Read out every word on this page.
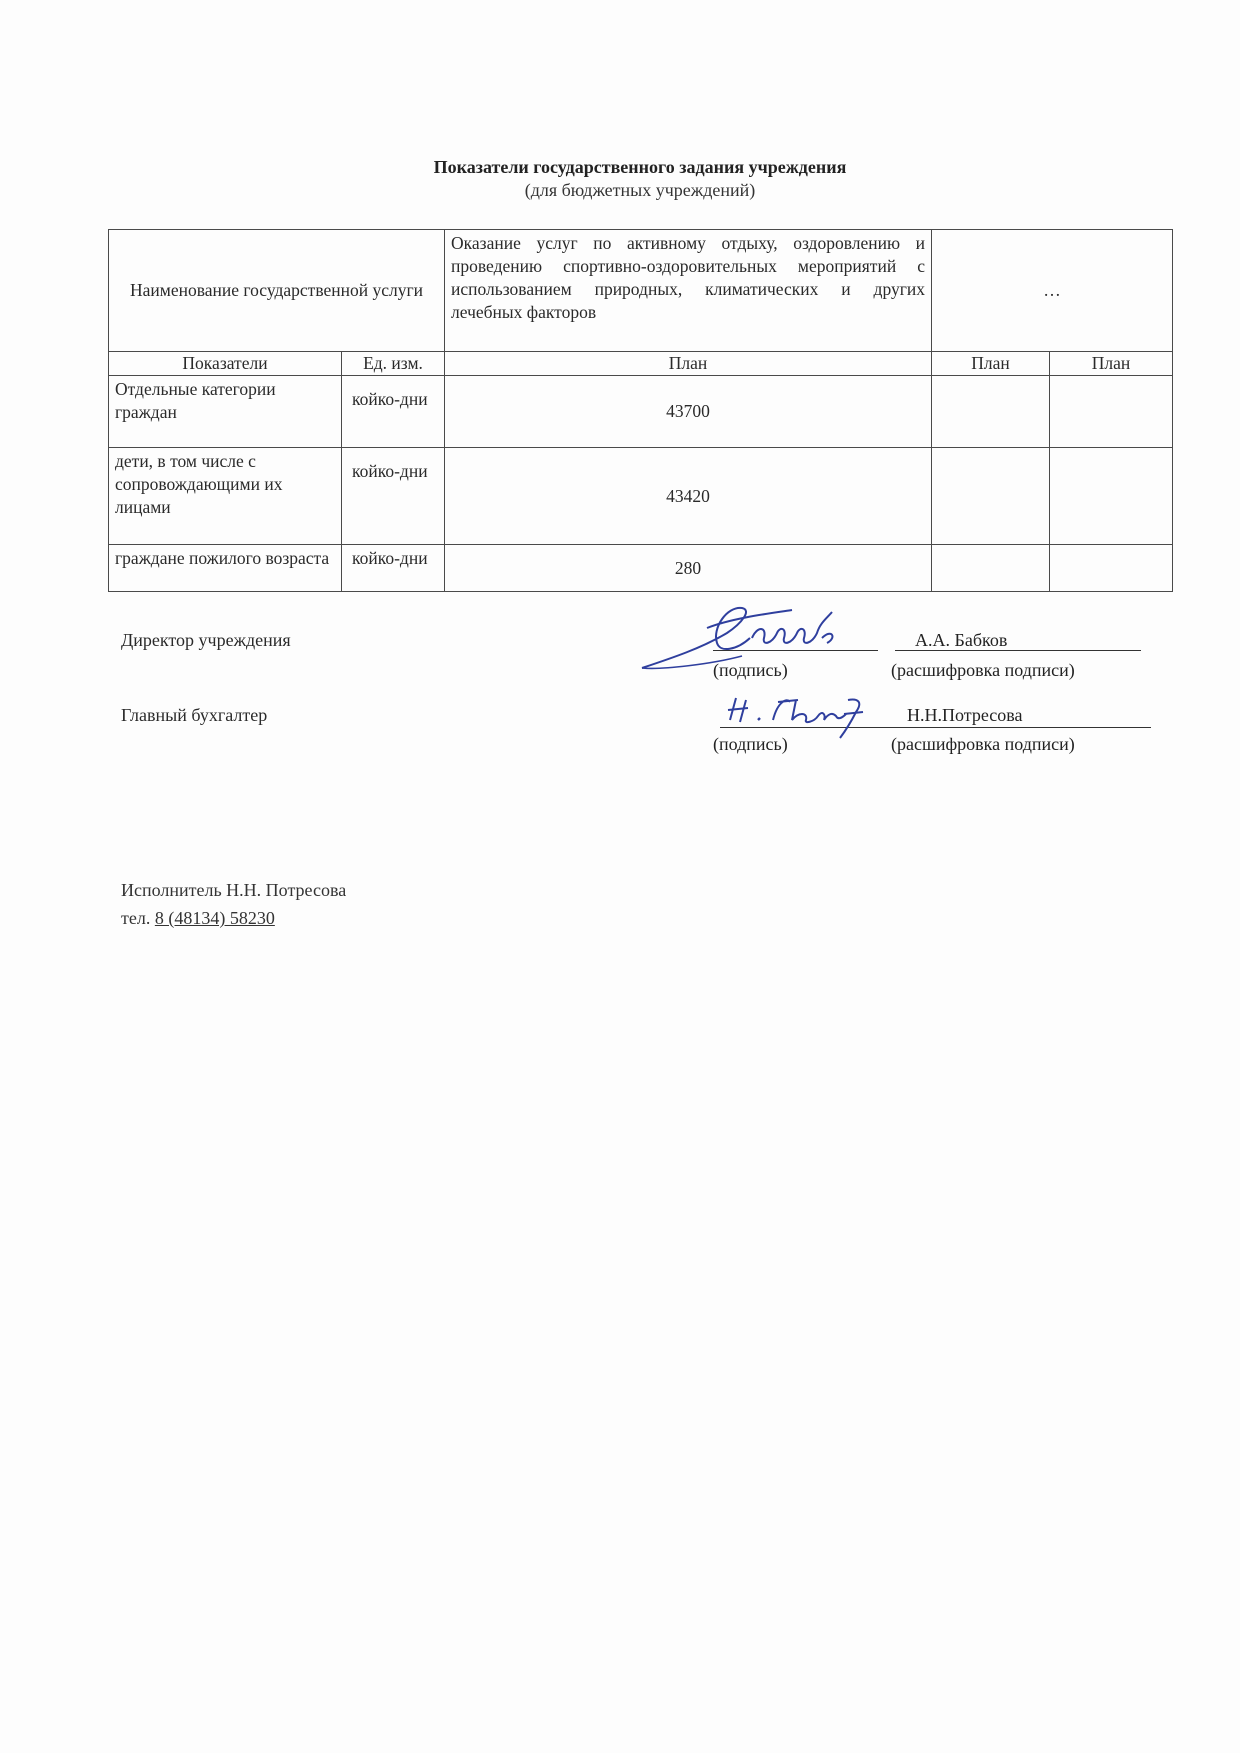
Показатели государственного задания учреждения
(для бюджетных учреждений)
Наименование государственной услуги		Оказание услуг по активному отдыху, оздоровлению и проведению спортивно-оздоровительных мероприятий с использованием природных, климатических и других лечебных факторов	…	
Показатели	Ед. изм.	План	План	План
Отдельные категории граждан	койко-дни	43700		
дети, в том числе с сопровождающими их лицами	койко-дни	43420		
граждане пожилого возраста	койко-дни	280		
Директор учреждения	А.А. Бабков
(подпись)	(расшифровка подписи)
Главный бухгалтер	Н.Н.Потресова
(подпись)	(расшифровка подписи)
Исполнитель Н.Н. Потресова
тел. 8 (48134) 58230
